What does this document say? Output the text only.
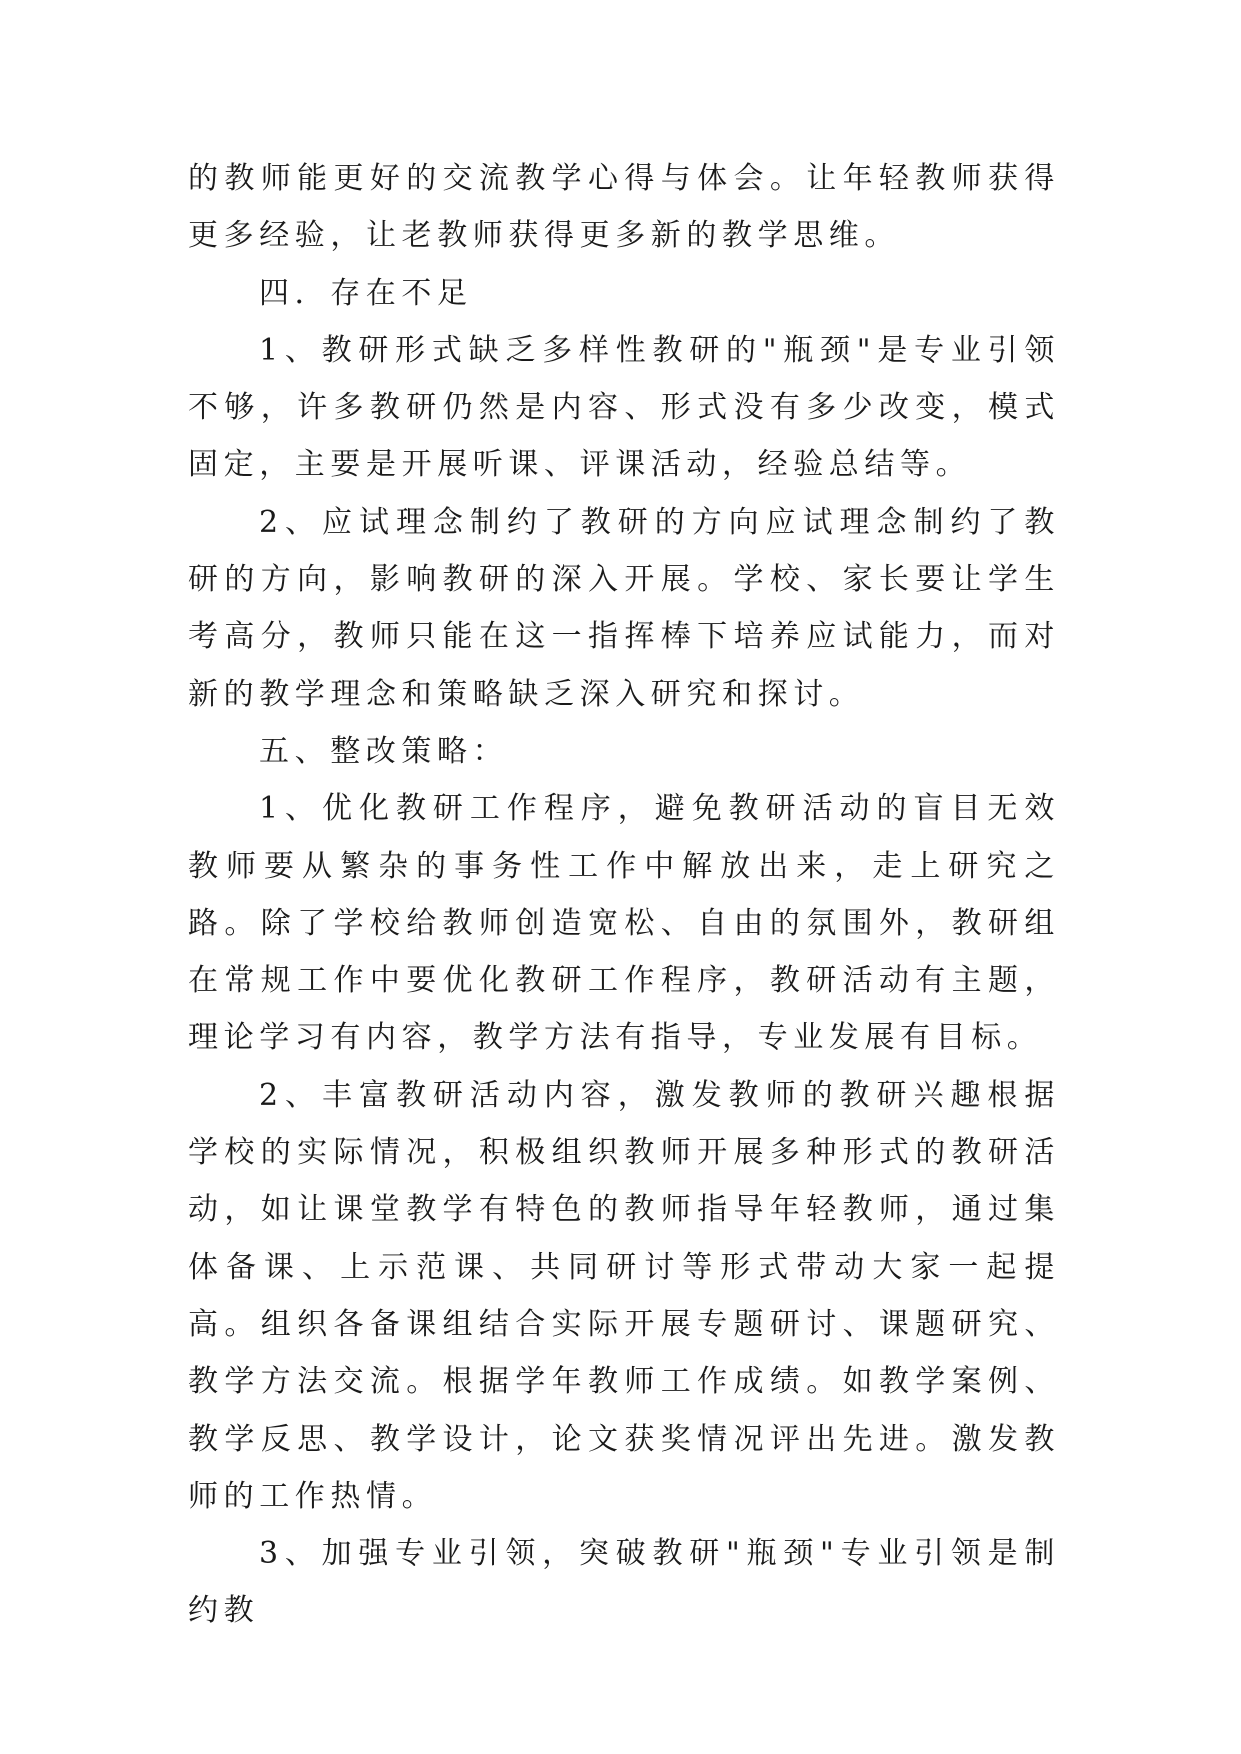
的教师能更好的交流教学心得与体会。让年轻教师获得更多经验，让老教师获得更多新的教学思维。

四．存在不足

1、教研形式缺乏多样性教研的"瓶颈"是专业引领不够，许多教研仍然是内容、形式没有多少改变，模式固定，主要是开展听课、评课活动，经验总结等。

2、应试理念制约了教研的方向应试理念制约了教研的方向，影响教研的深入开展。学校、家长要让学生考高分，教师只能在这一指挥棒下培养应试能力，而对新的教学理念和策略缺乏深入研究和探讨。

五、整改策略：

1、优化教研工作程序，避免教研活动的盲目无效教师要从繁杂的事务性工作中解放出来，走上研究之路。除了学校给教师创造宽松、自由的氛围外，教研组在常规工作中要优化教研工作程序，教研活动有主题，理论学习有内容，教学方法有指导，专业发展有目标。

2、丰富教研活动内容，激发教师的教研兴趣根据学校的实际情况，积极组织教师开展多种形式的教研活动，如让课堂教学有特色的教师指导年轻教师，通过集体备课、上示范课、共同研讨等形式带动大家一起提高。组织各备课组结合实际开展专题研讨、课题研究、教学方法交流。根据学年教师工作成绩。如教学案例、教学反思、教学设计，论文获奖情况评出先进。激发教师的工作热情。

3、加强专业引领，突破教研"瓶颈"专业引领是制约教
